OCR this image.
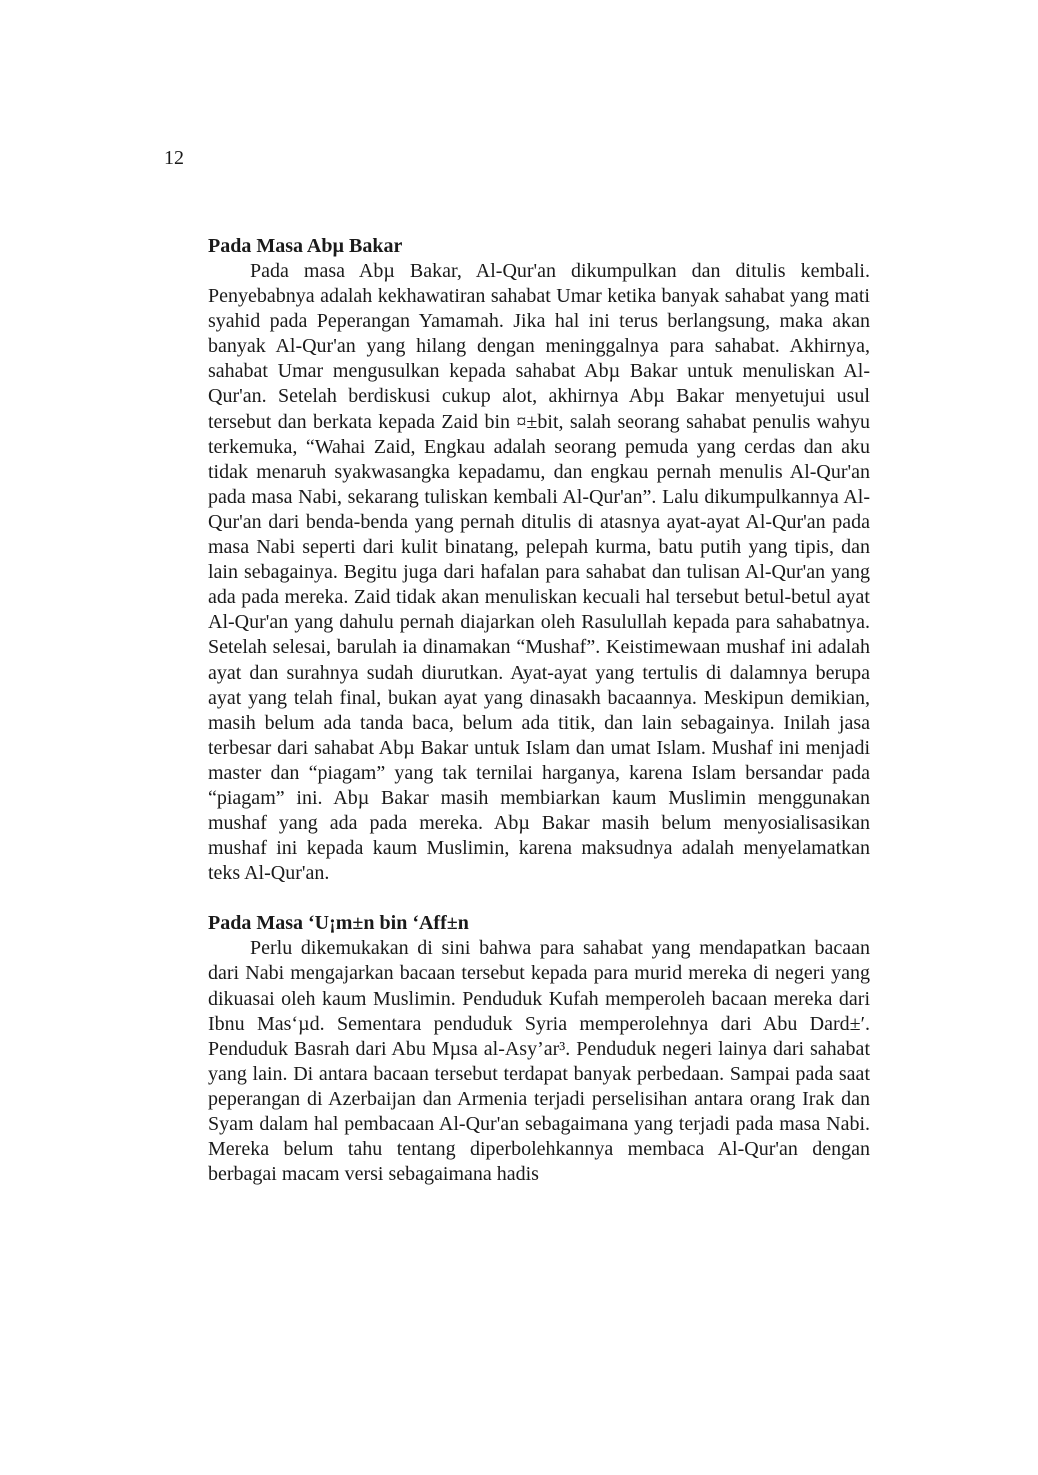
12
Pada Masa Abµ Bakar

Pada masa Abµ Bakar, Al-Qur'an dikumpulkan dan ditulis kembali. Penyebabnya adalah kekhawatiran sahabat Umar ketika banyak sahabat yang mati syahid pada Peperangan Yamamah. Jika hal ini terus berlangsung, maka akan banyak Al-Qur'an yang hilang dengan meninggalnya para sahabat. Akhirnya, sahabat Umar mengusulkan kepada sahabat Abµ Bakar untuk menuliskan Al-Qur'an. Setelah berdiskusi cukup alot, akhirnya Abµ Bakar menyetujui usul tersebut dan berkata kepada Zaid bin ¤±bit, salah seorang sahabat penulis wahyu terkemuka, “Wahai Zaid, Engkau adalah seorang pemuda yang cerdas dan aku tidak menaruh syakwasangka kepadamu, dan engkau pernah menulis Al-Qur'an pada masa Nabi, sekarang tuliskan kembali Al-Qur'an”. Lalu dikumpulkannya Al-Qur'an dari benda-benda yang pernah ditulis di atasnya ayat-ayat Al-Qur'an pada masa Nabi seperti dari kulit binatang, pelepah kurma, batu putih yang tipis, dan lain sebagainya. Begitu juga dari hafalan para sahabat dan tulisan Al-Qur'an yang ada pada mereka. Zaid tidak akan menuliskan kecuali hal tersebut betul-betul ayat Al-Qur'an yang dahulu pernah diajarkan oleh Rasulullah kepada para sahabatnya. Setelah selesai, barulah ia dinamakan “Mushaf”. Keistimewaan mushaf ini adalah ayat dan surahnya sudah diurutkan. Ayat-ayat yang tertulis di dalamnya berupa ayat yang telah final, bukan ayat yang dinasakh bacaannya. Meskipun demikian, masih belum ada tanda baca, belum ada titik, dan lain sebagainya. Inilah jasa terbesar dari sahabat Abµ Bakar untuk Islam dan umat Islam. Mushaf ini menjadi master dan “piagam” yang tak ternilai harganya, karena Islam bersandar pada “piagam” ini. Abµ Bakar masih membiarkan kaum Muslimin menggunakan mushaf yang ada pada mereka. Abµ Bakar masih belum menyosialisasikan mushaf ini kepada kaum Muslimin, karena maksudnya adalah menyelamatkan teks Al-Qur'an.

Pada Masa ‘U¡m±n bin ‘Aff±n

Perlu dikemukakan di sini bahwa para sahabat yang mendapatkan bacaan dari Nabi mengajarkan bacaan tersebut kepada para murid mereka di negeri yang dikuasai oleh kaum Muslimin. Penduduk Kufah memperoleh bacaan mereka dari Ibnu Mas‘µd. Sementara penduduk Syria memperolehnya dari Abu Dard±′. Penduduk Basrah dari Abu Mµsa al-Asy’ar³. Penduduk negeri lainya dari sahabat yang lain. Di antara bacaan tersebut terdapat banyak perbedaan. Sampai pada saat peperangan di Azerbaijan dan Armenia terjadi perselisihan antara orang Irak dan Syam dalam hal pembacaan Al-Qur'an sebagaimana yang terjadi pada masa Nabi. Mereka belum tahu tentang diperbolehkannya membaca Al-Qur'an dengan berbagai macam versi sebagaimana hadis
